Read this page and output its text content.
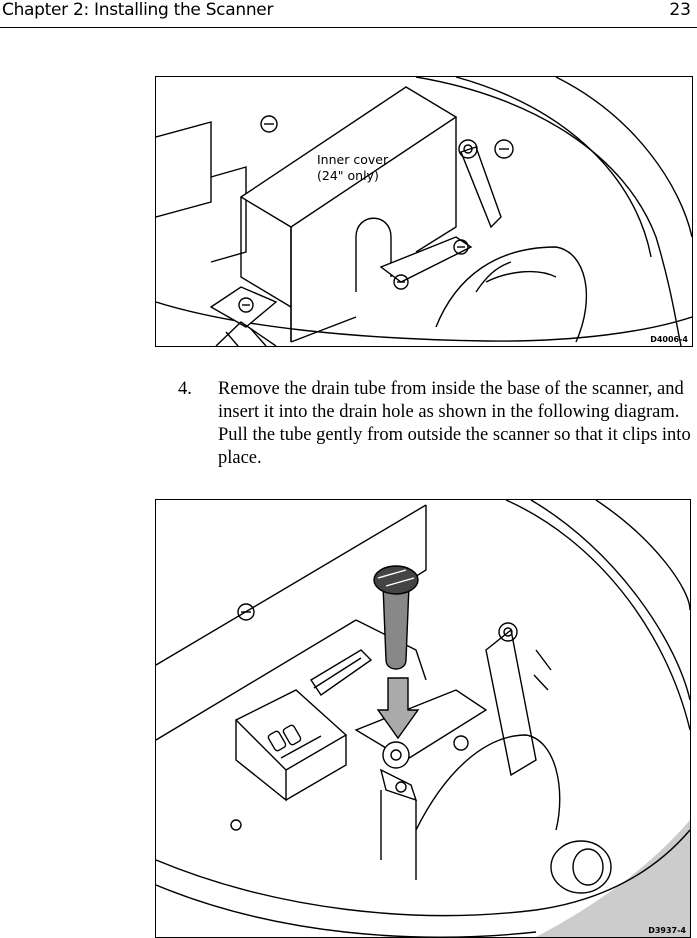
Chapter 2: Installing the Scanner	23
Inner cover
(24" only)
D4006-4
4. Remove the drain tube from inside the base of the scanner, and insert it into the drain hole as shown in the following diagram. Pull the tube gently from outside the scanner so that it clips into place.
D3937-4
